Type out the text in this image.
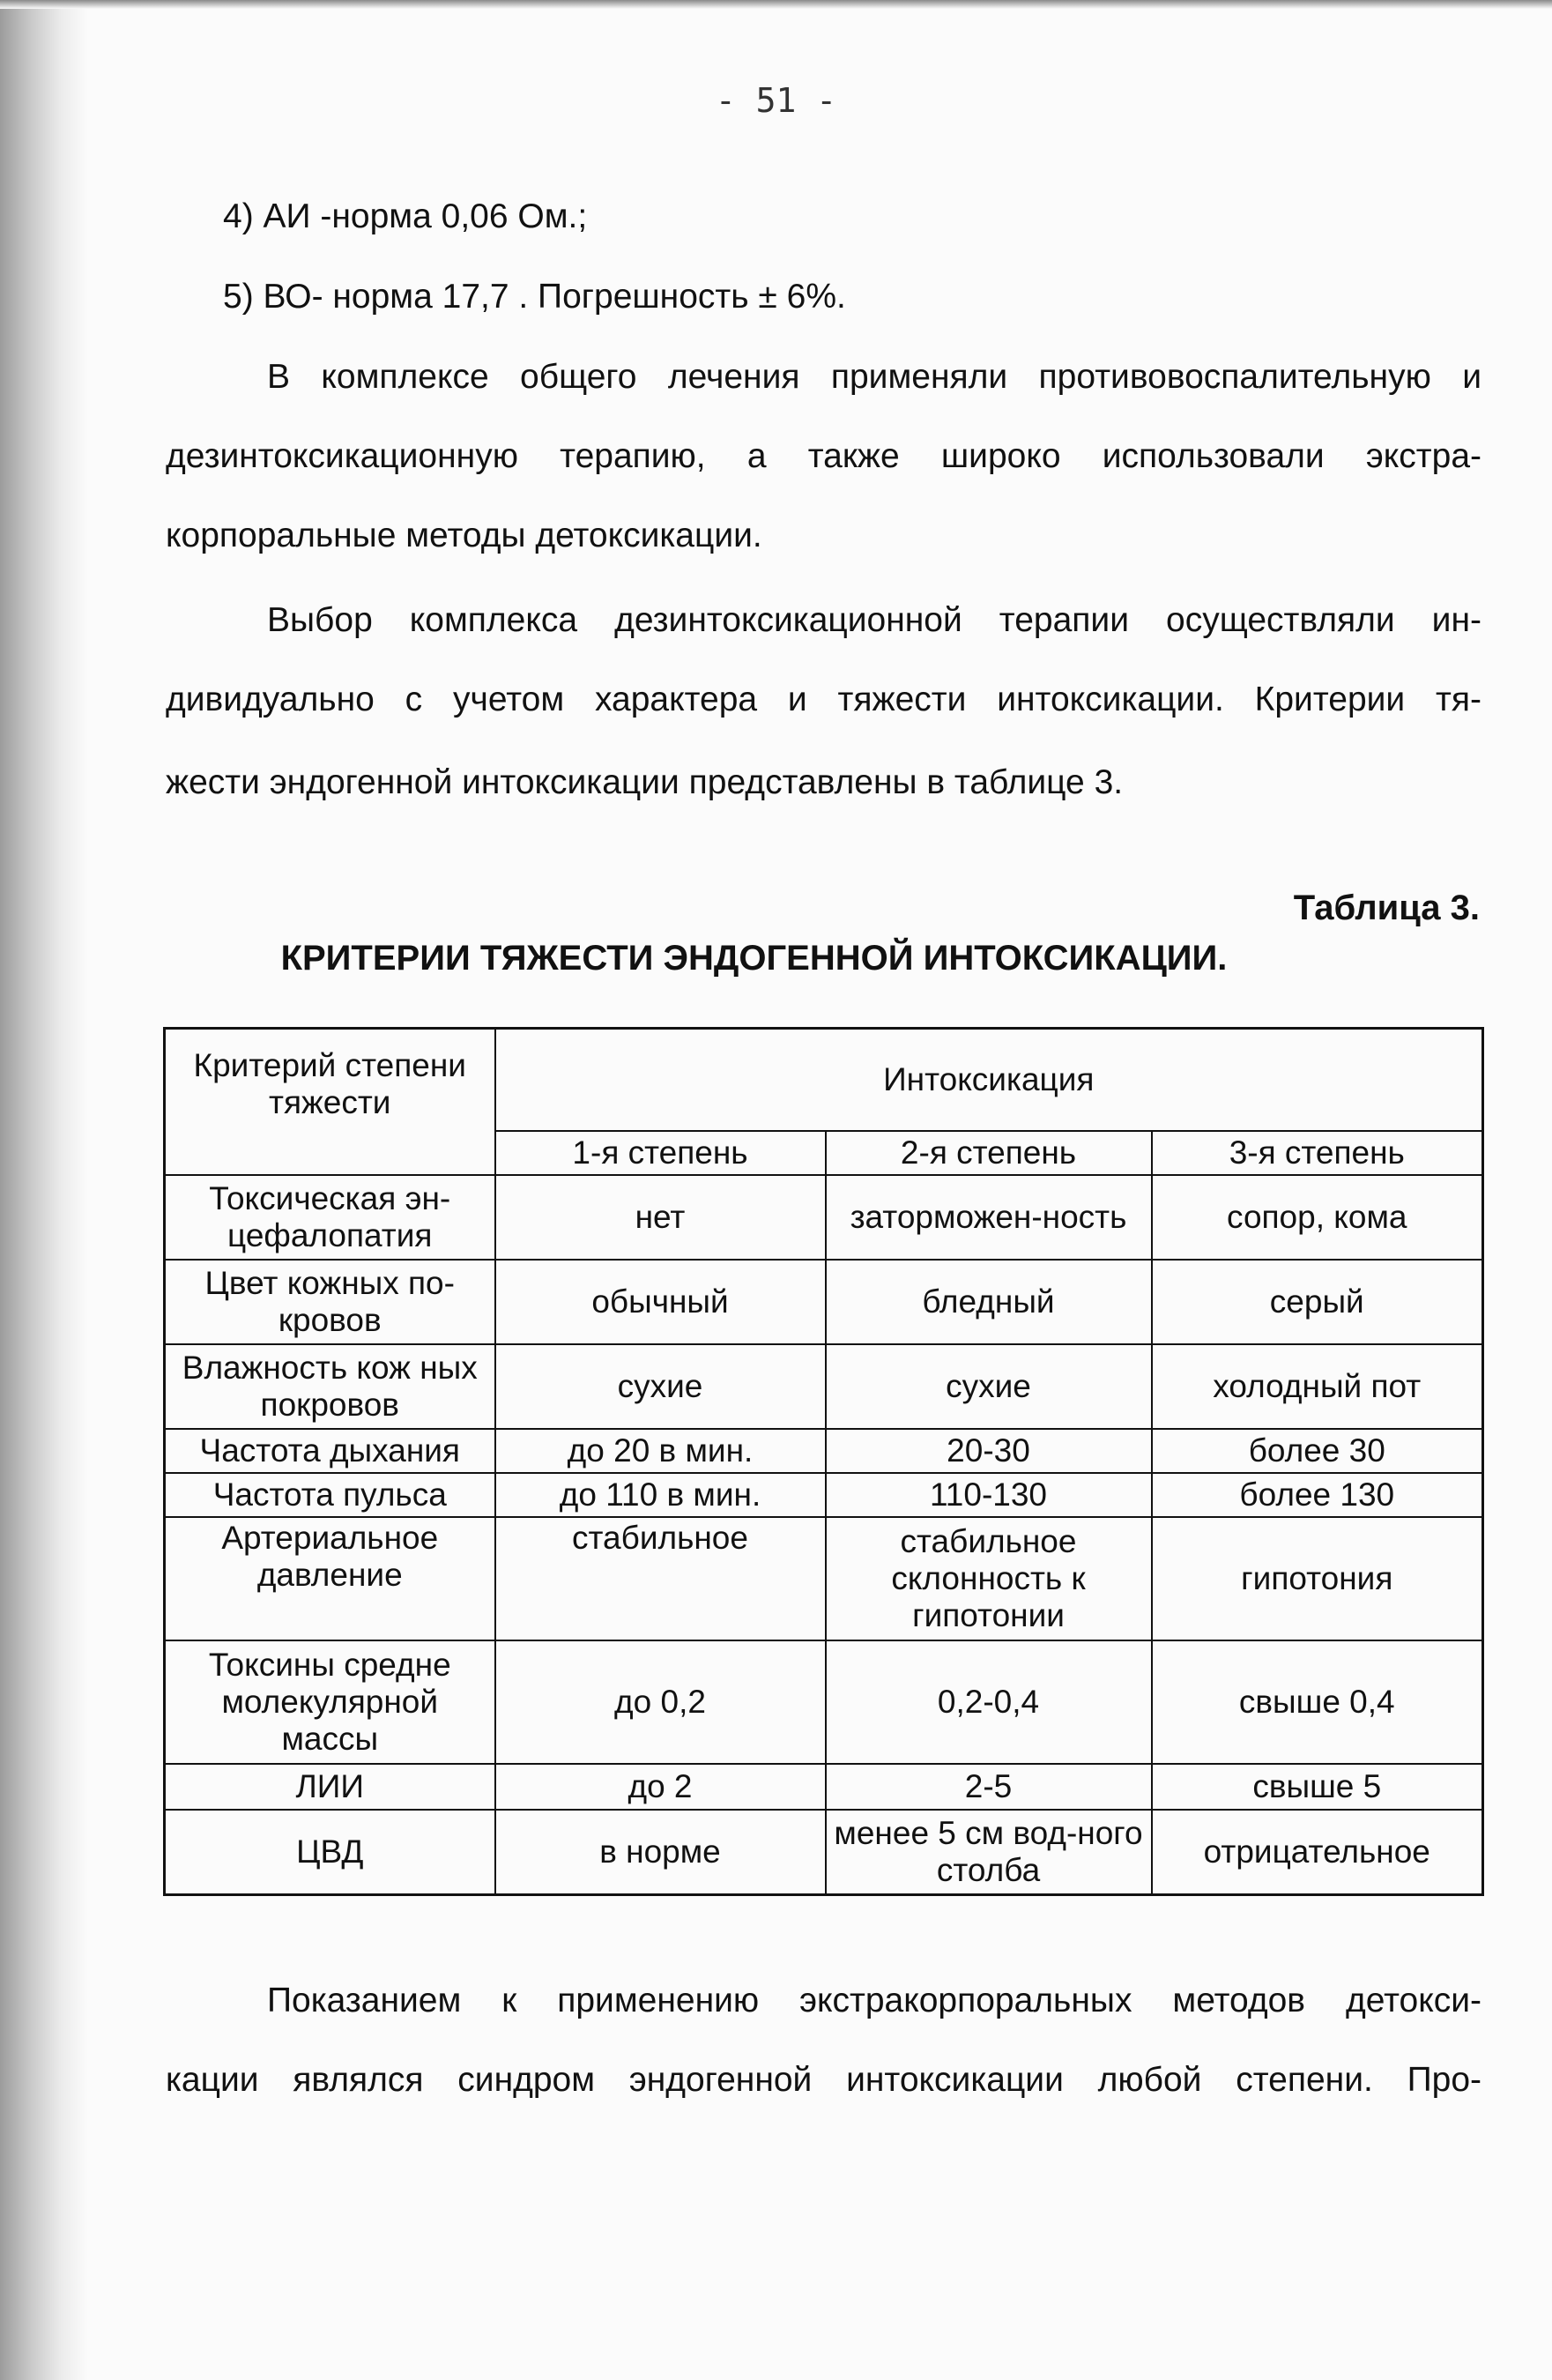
- 51 -
4) АИ -норма 0,06 Ом.;
5) ВО- норма 17,7 . Погрешность ± 6%.
В комплексе общего лечения применяли противовоспалительную и
дезинтоксикационную терапию, а также широко использовали экстра-
корпоральные методы детоксикации.
Выбор комплекса дезинтоксикационной терапии осуществляли ин-
дивидуально с учетом характера и тяжести интоксикации. Критерии тя-
жести эндогенной интоксикации представлены в таблице 3.
Таблица 3.
КРИТЕРИИ ТЯЖЕСТИ ЭНДОГЕННОЙ ИНТОКСИКАЦИИ.
Критерий степени тяжести	Интоксикация		
	1-я степень	2-я степень	3-я степень
Токсическая эн-цефалопатия	нет	заторможен-ность	сопор, кома
Цвет кожных по-кровов	обычный	бледный	серый
Влажность кож ных покровов	сухие	сухие	холодный пот
Частота дыхания	до 20 в мин.	20-30	более 30
Частота пульса	до 110 в мин.	110-130	более 130
Артериальное давление	стабильное	стабильное склонность к гипотонии	гипотония
Токсины средне молекулярной массы	до 0,2	0,2-0,4	свыше 0,4
ЛИИ	до 2	2-5	свыше 5
ЦВД	в норме	менее 5 см вод-ного столба	отрицательное
Показанием к применению экстракорпоральных методов детокси-
кации являлся синдром эндогенной интоксикации любой степени. Про-
